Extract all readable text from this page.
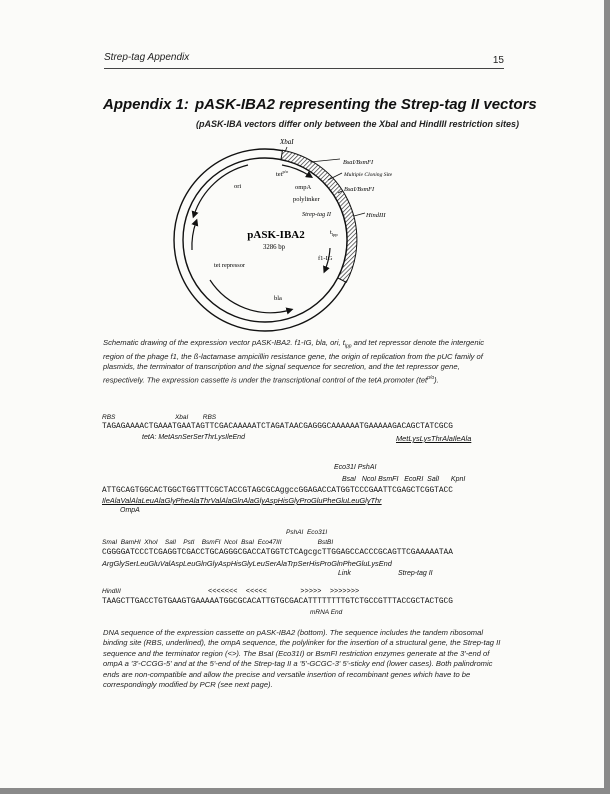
Strep-tag Appendix	15
Appendix 1: pASK-IBA2 representing the Strep-tag II vectors
(pASK-IBA vectors differ only between the XbaI and HindIII restriction sites)
XbaI
BsaI/BsmFI
Multiple Cloning Site
BsaI/BsmFI
HindIII
tet$^{p/o}$
ompA
polylinker
Strep-tag II
$t_{lpp}$
ori
f1-IG
tet repressor
bla
pASK-IBA2
3286 bp
Schematic drawing of the expression vector pASK-IBA2. f1-IG, bla, ori, $t_{lpp}$ and tet repressor denote the intergenic region of the phage f1, the ß-lactamase ampicillin resistance gene, the origin of replication from the pUC family of plasmids, the terminator of transcription and the signal sequence for secretion, and the tet repressor gene, respectively. The expression cassette is under the transcriptional control of the tetA promoter (tet$^{p/o}$).
RBS                                 XbaI        RBS
TAGAGAAAACTGAAATGAATAGTTCGACAAAAATCTAGATAACGAGGGCAAAAAATGAAAAAGACAGCTATCGCG
tetA: MetAsnSerSerThrLysIleEnd	MetLysLysThrAlaIleAla
Eco31I PshAI
BsaI   NcoI BsmFI   EcoRI  SalI      KpnI
ATTGCAGTGGCACTGGCTGGTTTCGCTACCGTAGCGCAggccGGAGACCATGGTCCCGAATTCGAGCTCGGTACC
IleAlaValAlaLeuAlaGlyPheAlaThrValAlaGlnAlaGlyAspHisGlyProGluPheGluLeuGlyThr
OmpA
PshAI  Eco31I
SmaI  BamHI  XhoI    SalI    PstI    BsmFI  NcoI  BsaI  Eco47III                    BstBI
CGGGGATCCCTCGAGGTCGACCTGCAGGGCGACCATGGTCTCAgcgcTTGGAGCCACCCGCAGTTCGAAAAATAA
ArgGlySerLeuGluValAspLeuGlnGlyAspHisGlyLeuSerAlaTrpSerHisProGlnPheGluLysEnd
Link	Strep-tag II
HindIII	<<<<<<<  <<<<<        >>>>>  >>>>>>>
TAAGCTTGACCTGTGAAGTGAAAAATGGCGCACATTGTGCGACATTTTTTTTGTCTGCCGTTTACCGCTACTGCG
mRNA End
DNA sequence of the expression cassette on pASK-IBA2 (bottom). The sequence includes the tandem ribosomal binding site (RBS, underlined), the ompA sequence, the polylinker for the insertion of a structural gene, the Strep-tag II sequence and the terminator region (<>). The BsaI (Eco31I) or BsmFI restriction enzymes generate at the 3'-end of ompA a '3'-CCGG-5' and at the 5'-end of the Strep-tag II a '5'-GCGC-3' 5'-sticky end (lower cases). Both palindromic ends are non-compatible and allow the precise and versatile insertion of recombinant genes which have to be correspondingly modified by PCR (see next page).
